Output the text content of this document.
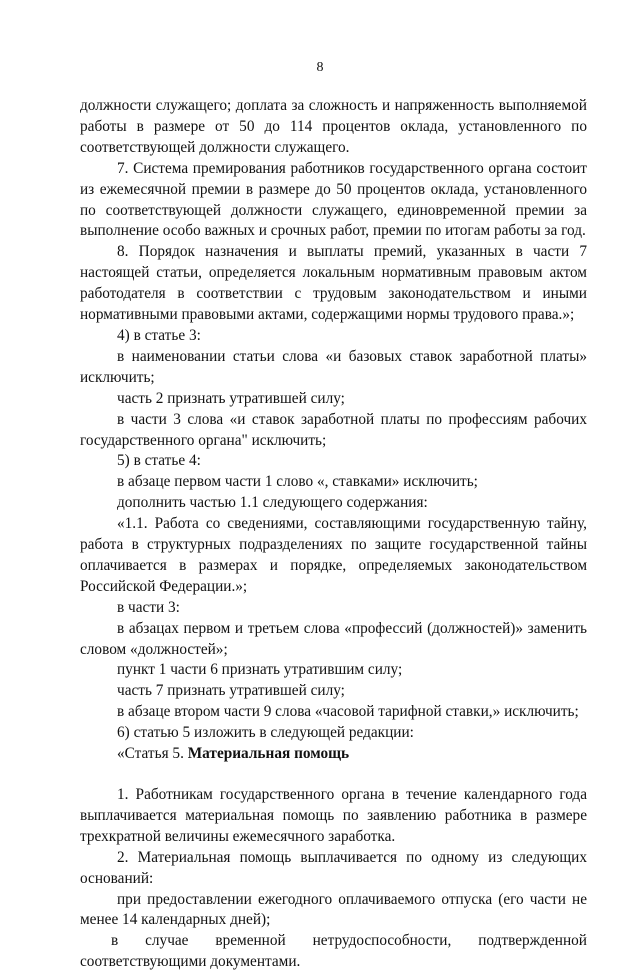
8

должности служащего; доплата за сложность и напряженность выполняемой работы в размере от 50 до 114 процентов оклада, установленного по соответствующей должности служащего.

7. Система премирования работников государственного органа состоит из ежемесячной премии в размере до 50 процентов оклада, установленного по соответствующей должности служащего, единовременной премии за выполнение особо важных и срочных работ, премии по итогам работы за год.

8. Порядок назначения и выплаты премий, указанных в части 7 настоящей статьи, определяется локальным нормативным правовым актом работодателя в соответствии с трудовым законодательством и иными нормативными правовыми актами, содержащими нормы трудового права.»;

4) в статье 3:

в наименовании статьи слова «и базовых ставок заработной платы» исключить;

часть 2 признать утратившей силу;

в части 3 слова «и ставок заработной платы по профессиям рабочих государственного органа" исключить;

5) в статье 4:

в абзаце первом части 1 слово «, ставками» исключить;

дополнить частью 1.1 следующего содержания:

«1.1. Работа со сведениями, составляющими государственную тайну, работа в структурных подразделениях по защите государственной тайны оплачивается в размерах и порядке, определяемых законодательством Российской Федерации.»;

в части 3:

в абзацах первом и третьем слова «профессий (должностей)» заменить словом «должностей»;

пункт 1 части 6 признать утратившим силу;

часть 7 признать утратившей силу;

в абзаце втором части 9 слова «часовой тарифной ставки,» исключить;

6) статью 5 изложить в следующей редакции:

«Статья 5. Материальная помощь

1. Работникам государственного органа в течение календарного года выплачивается материальная помощь по заявлению работника в размере трехкратной величины ежемесячного заработка.

2. Материальная помощь выплачивается по одному из следующих оснований:

при предоставлении ежегодного оплачиваемого отпуска (его части не менее 14 календарных дней);

в случае временной нетрудоспособности, подтвержденной соответствующими документами.
